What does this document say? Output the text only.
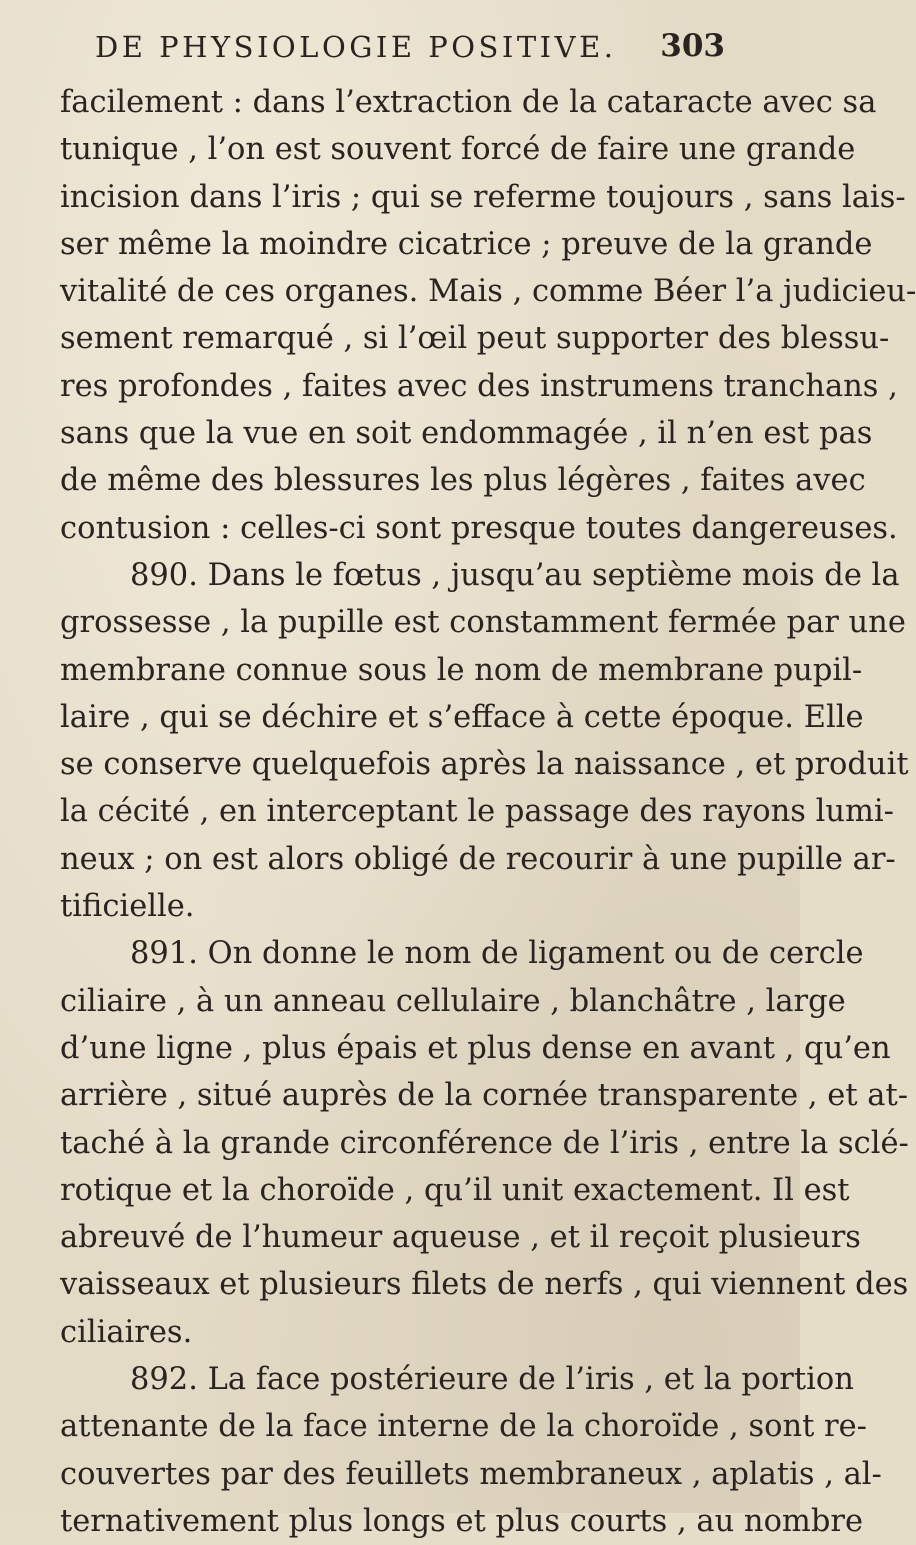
DE PHYSIOLOGIE POSITIVE. 303
facilement : dans l’extraction de la cataracte avec sa
tunique , l’on est souvent forcé de faire une grande
incision dans l’iris ; qui se referme toujours , sans lais-
ser même la moindre cicatrice ; preuve de la grande
vitalité de ces organes. Mais , comme Béer l’a judicieu-
sement remarqué , si l’œil peut supporter des blessu-
res profondes , faites avec des instrumens tranchans ,
sans que la vue en soit endommagée , il n’en est pas
de même des blessures les plus légères , faites avec
contusion : celles-ci sont presque toutes dangereuses.
890. Dans le fœtus , jusqu’au septième mois de la
grossesse , la pupille est constamment fermée par une
membrane connue sous le nom de membrane pupil-
laire , qui se déchire et s’efface à cette époque. Elle
se conserve quelquefois après la naissance , et produit
la cécité , en interceptant le passage des rayons lumi-
neux ; on est alors obligé de recourir à une pupille ar-
tificielle.
891. On donne le nom de ligament ou de cercle
ciliaire , à un anneau cellulaire , blanchâtre , large
d’une ligne , plus épais et plus dense en avant , qu’en
arrière , situé auprès de la cornée transparente , et at-
taché à la grande circonférence de l’iris , entre la sclé-
rotique et la choroïde , qu’il unit exactement. Il est
abreuvé de l’humeur aqueuse , et il reçoit plusieurs
vaisseaux et plusieurs filets de nerfs , qui viennent des
ciliaires.
892. La face postérieure de l’iris , et la portion
attenante de la face interne de la choroïde , sont re-
couvertes par des feuillets membraneux , aplatis , al-
ternativement plus longs et plus courts , au nombre
